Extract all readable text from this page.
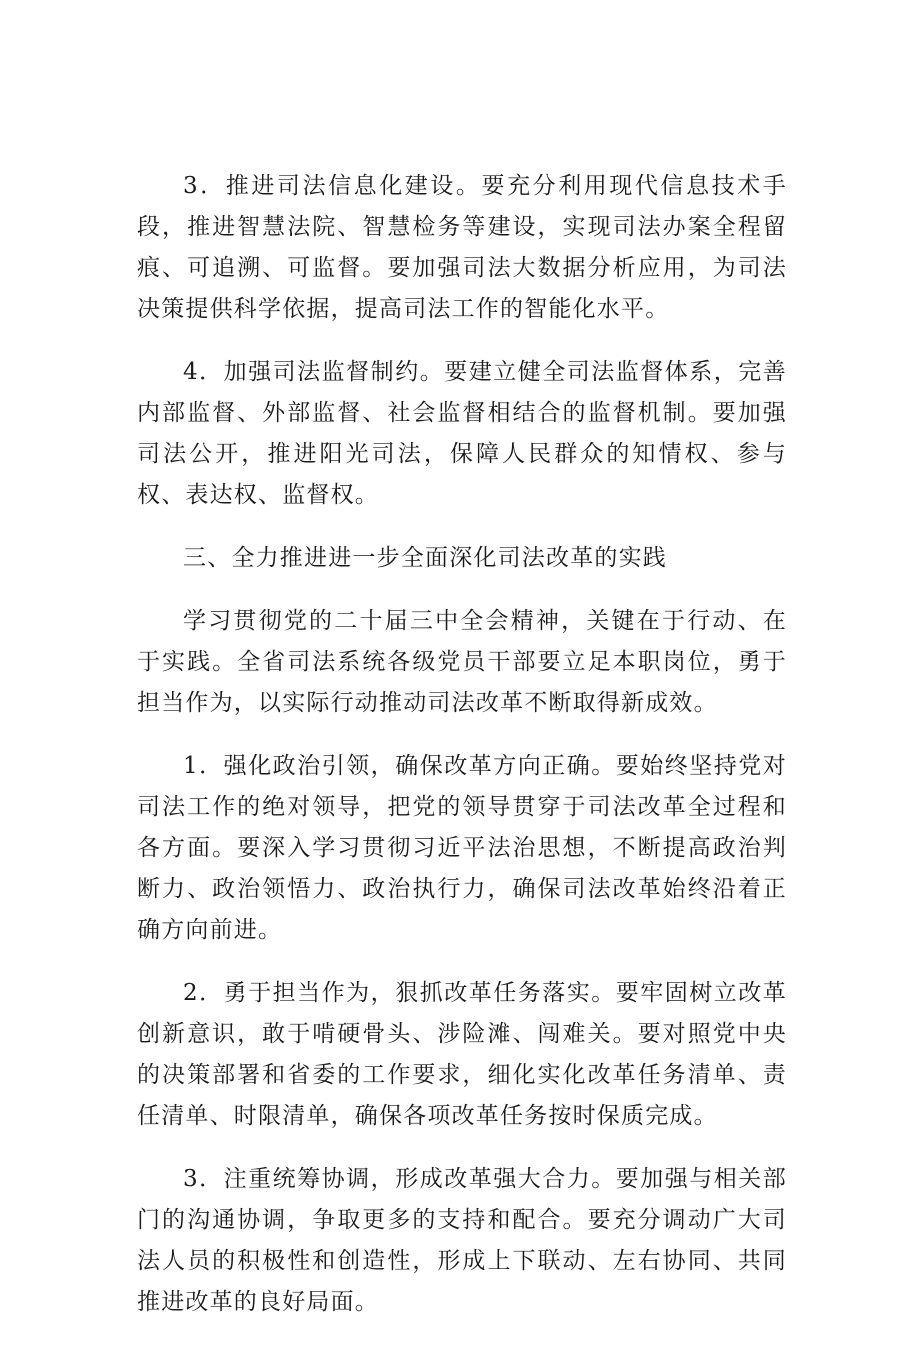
3．推进司法信息化建设。要充分利用现代信息技术手段，推进智慧法院、智慧检务等建设，实现司法办案全程留痕、可追溯、可监督。要加强司法大数据分析应用，为司法决策提供科学依据，提高司法工作的智能化水平。

4．加强司法监督制约。要建立健全司法监督体系，完善内部监督、外部监督、社会监督相结合的监督机制。要加强司法公开，推进阳光司法，保障人民群众的知情权、参与权、表达权、监督权。

三、全力推进进一步全面深化司法改革的实践

学习贯彻党的二十届三中全会精神，关键在于行动、在于实践。全省司法系统各级党员干部要立足本职岗位，勇于担当作为，以实际行动推动司法改革不断取得新成效。

1．强化政治引领，确保改革方向正确。要始终坚持党对司法工作的绝对领导，把党的领导贯穿于司法改革全过程和各方面。要深入学习贯彻习近平法治思想，不断提高政治判断力、政治领悟力、政治执行力，确保司法改革始终沿着正确方向前进。

2．勇于担当作为，狠抓改革任务落实。要牢固树立改革创新意识，敢于啃硬骨头、涉险滩、闯难关。要对照党中央的决策部署和省委的工作要求，细化实化改革任务清单、责任清单、时限清单，确保各项改革任务按时保质完成。

3．注重统筹协调，形成改革强大合力。要加强与相关部门的沟通协调，争取更多的支持和配合。要充分调动广大司法人员的积极性和创造性，形成上下联动、左右协同、共同推进改革的良好局面。
